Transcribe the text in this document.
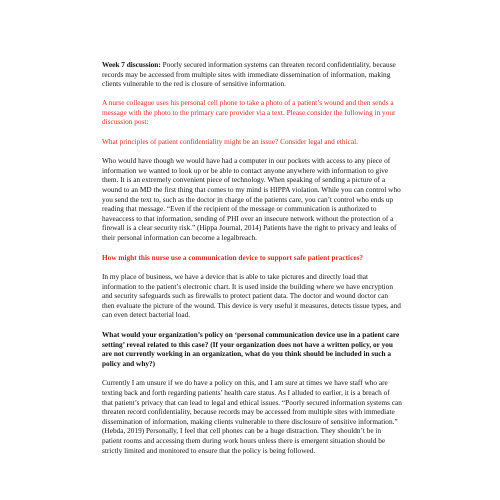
Week 7 discussion: Poorly secured information systems can threaten record confidentiality, because records may be accessed from multiple sites with immediate dissemination of information, making clients vulnerable to the red is closure of sensitive information.

A nurse colleague uses his personal cell phone to take a photo of a patient’s wound and then sends a message with the photo to the primary care provider via a text. Please consider the following in your discussion post:

What principles of patient confidentiality might be an issue? Consider legal and ethical.

Who would have though we would have had a computer in our pockets with access to any piece of information we wanted to look up or be able to contact anyone anywhere with information to give them. It is an extremely convenient piece of technology. When speaking of sending a picture of a wound to an MD the first thing that comes to my mind is HIPPA violation. While you can control who you send the text to, such as the doctor in charge of the patients care, you can’t control who ends up reading that message. “Even if the recipient of the message or communication is authorized to haveaccess to that information, sending of PHI over an insecure network without the protection of a firewall is a clear security risk.” (Hippa Journal, 2014) Patients have the right to privacy and leaks of their personal information can become a legalbreach.

How might this nurse use a communication device to support safe patient practices?

In my place of business, we have a device that is able to take pictures and directly load that information to the patient’s electronic chart. It is used inside the building where we have encryption and security safeguards such as firewalls to protect patient data. The doctor and wound doctor can then evaluate the picture of the wound. This device is very useful it measures, detects tissue types, and can even detect bacterial load.

What would your organization’s policy on ‘personal communication device use in a patient care setting’ reveal related to this case? (If your organization does not have a written policy, or you are not currently working in an organization, what do you think should be included in such a policy and why?)

Currently I am unsure if we do have a policy on this, and I am sure at times we have staff who are texting back and forth regarding patients’ health care status. As I alluded to earlier, it is a breach of that patient’s privacy that can lead to legal and ethical issues. “Poorly secured information systems can threaten record confidentiality, because records may be accessed from multiple sites with immediate dissemination of information, making clients vulnerable to there disclosure of sensitive information.” (Hebda, 2019) Personally, I feel that cell phones can be a huge distraction. They shouldn’t be in patient rooms and accessing them during work hours unless there is emergent situation should be strictly limited and monitored to ensure that the policy is being followed.
